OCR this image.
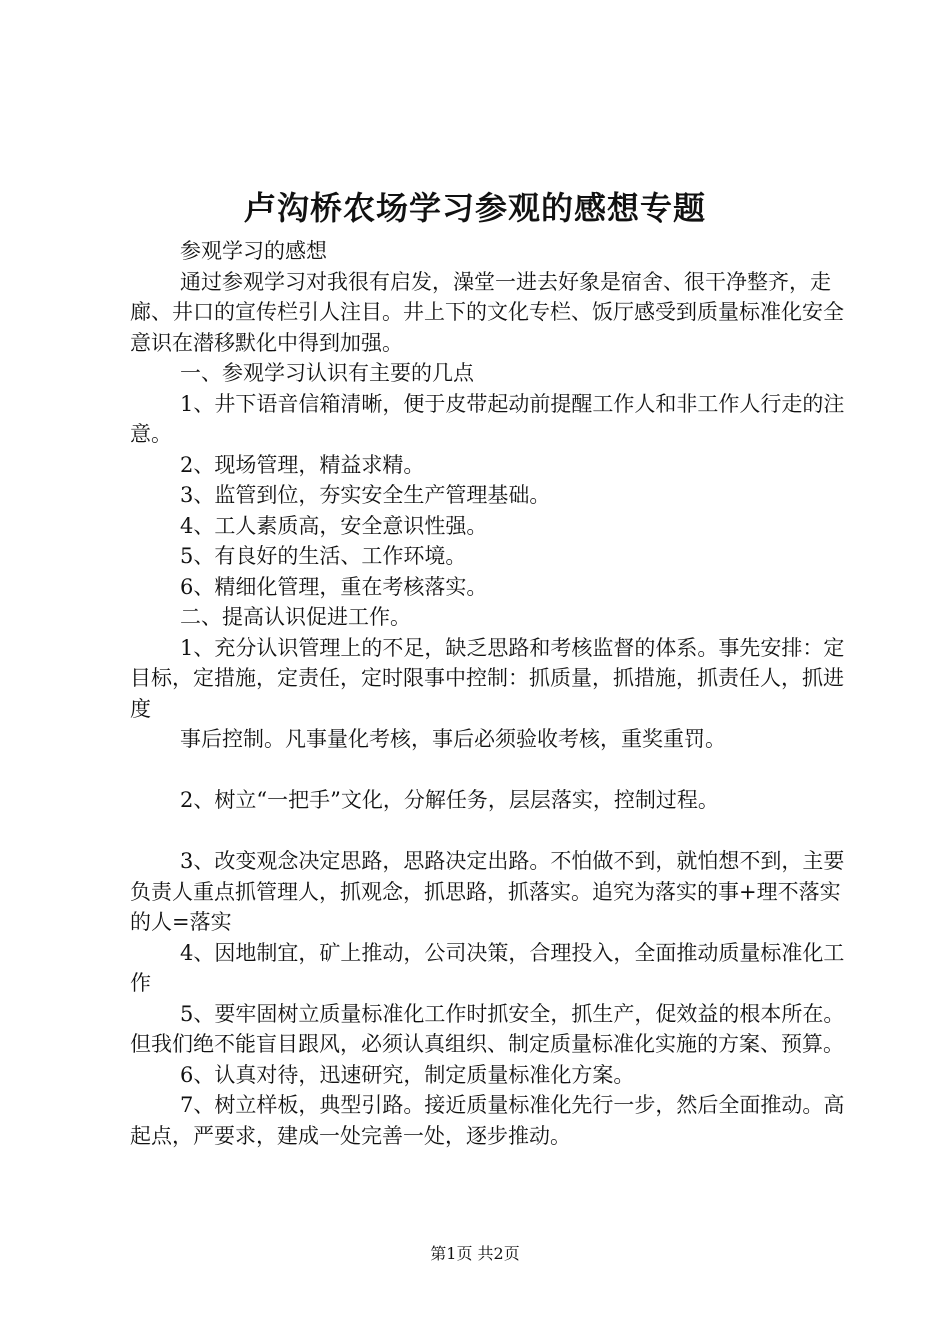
卢沟桥农场学习参观的感想专题

参观学习的感想

通过参观学习对我很有启发，澡堂一进去好象是宿舍、很干净整齐，走廊、井口的宣传栏引人注目。井上下的文化专栏、饭厅感受到质量标准化安全意识在潜移默化中得到加强。

一、参观学习认识有主要的几点

1、井下语音信箱清晰，便于皮带起动前提醒工作人和非工作人行走的注意。

2、现场管理，精益求精。

3、监管到位，夯实安全生产管理基础。

4、工人素质高，安全意识性强。

5、有良好的生活、工作环境。

6、精细化管理，重在考核落实。

二、提高认识促进工作。

1、充分认识管理上的不足，缺乏思路和考核监督的体系。事先安排：定目标，定措施，定责任，定时限事中控制：抓质量，抓措施，抓责任人，抓进度

事后控制。凡事量化考核，事后必须验收考核，重奖重罚。

2、树立“一把手”文化，分解任务，层层落实，控制过程。

3、改变观念决定思路，思路决定出路。不怕做不到，就怕想不到，主要负责人重点抓管理人，抓观念，抓思路，抓落实。追究为落实的事+理不落实的人=落实

4、因地制宜，矿上推动，公司决策，合理投入，全面推动质量标准化工作

5、要牢固树立质量标准化工作时抓安全，抓生产，促效益的根本所在。但我们绝不能盲目跟风，必须认真组织、制定质量标准化实施的方案、预算。

6、认真对待，迅速研究，制定质量标准化方案。

7、树立样板，典型引路。接近质量标准化先行一步，然后全面推动。高起点，严要求，建成一处完善一处，逐步推动。

第1页 共2页
